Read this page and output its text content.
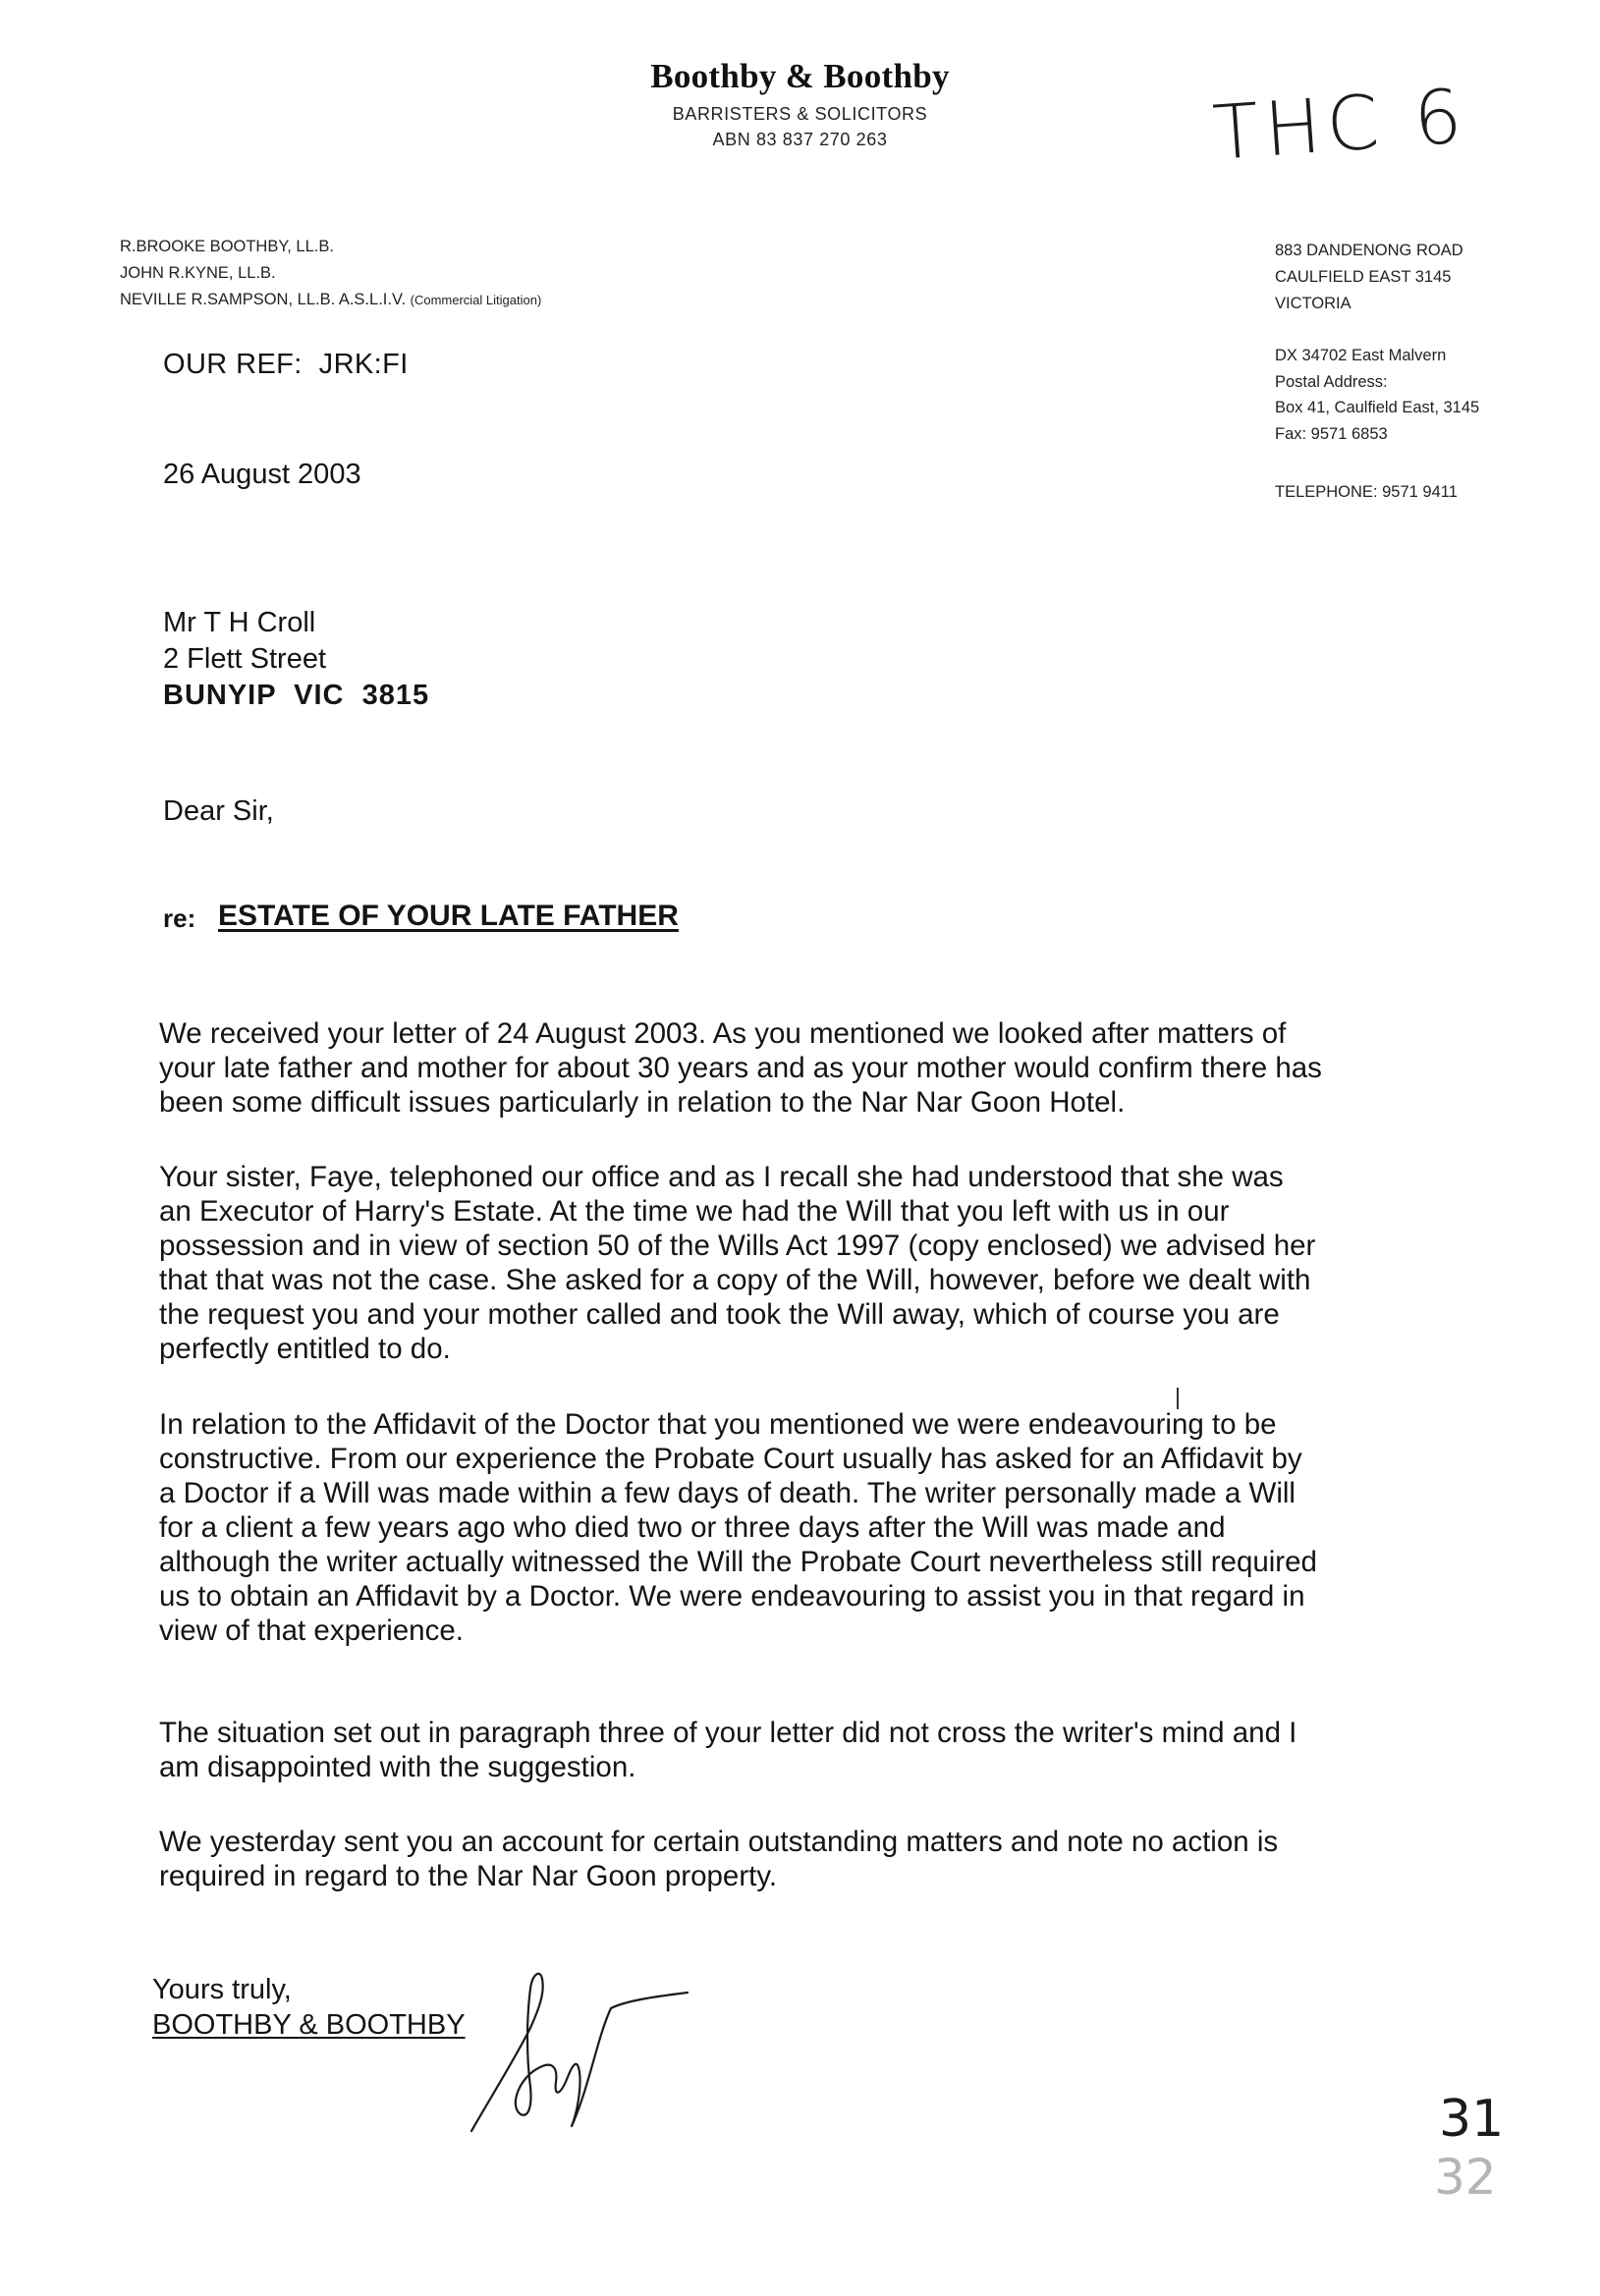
Boothby & Boothby
BARRISTERS & SOLICITORS
ABN 83 837 270 263	THC 6
R.BROOKE BOOTHBY, LL.B.
JOHN R.KYNE, LL.B.
NEVILLE R.SAMPSON, LL.B. A.S.L.I.V. (Commercial Litigation)
883 DANDENONG ROAD
CAULFIELD EAST 3145
VICTORIA
DX 34702 East Malvern
Postal Address:
Box 41, Caulfield East, 3145
Fax: 9571 6853
TELEPHONE: 9571 9411
OUR REF:  JRK:FI
26 August 2003
Mr T H Croll
2 Flett Street
BUNYIP  VIC  3815
Dear Sir,
re: ESTATE OF YOUR LATE FATHER
We received your letter of 24 August 2003. As you mentioned we looked after matters of
your late father and mother for about 30 years and as your mother would confirm there has
been some difficult issues particularly in relation to the Nar Nar Goon Hotel.
Your sister, Faye, telephoned our office and as I recall she had understood that she was
an Executor of Harry's Estate. At the time we had the Will that you left with us in our
possession and in view of section 50 of the Wills Act 1997 (copy enclosed) we advised her
that that was not the case. She asked for a copy of the Will, however, before we dealt with
the request you and your mother called and took the Will away, which of course you are
perfectly entitled to do.
In relation to the Affidavit of the Doctor that you mentioned we were endeavouring to be
constructive. From our experience the Probate Court usually has asked for an Affidavit by
a Doctor if a Will was made within a few days of death. The writer personally made a Will
for a client a few years ago who died two or three days after the Will was made and
although the writer actually witnessed the Will the Probate Court nevertheless still required
us to obtain an Affidavit by a Doctor. We were endeavouring to assist you in that regard in
view of that experience.
The situation set out in paragraph three of your letter did not cross the writer's mind and I
am disappointed with the suggestion.
We yesterday sent you an account for certain outstanding matters and note no action is
required in regard to the Nar Nar Goon property.
Yours truly,
BOOTHBY & BOOTHBY
31
32
